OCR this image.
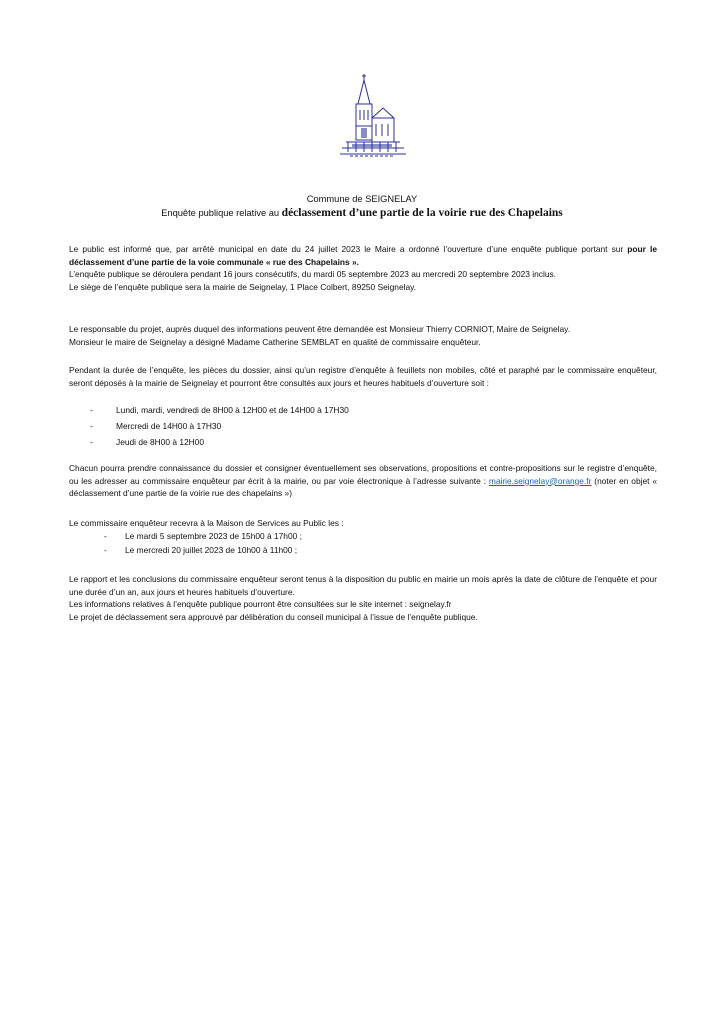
Commune de SEIGNELAY
Enquête publique relative au déclassement d’une partie de la voirie rue des Chapelains

Le public est informé que, par arrêté municipal en date du 24 juillet 2023 le Maire a ordonné l’ouverture d’une enquête publique portant sur pour le déclassement d’une partie de la voie communale « rue des Chapelains ».

L’enquête publique se déroulera pendant 16 jours consécutifs, du mardi 05 septembre 2023 au mercredi 20 septembre 2023 inclus.

Le siège de l’enquête publique sera la mairie de Seignelay, 1 Place Colbert, 89250 Seignelay.

Le responsable du projet, auprès duquel des informations peuvent être demandée est Monsieur Thierry CORNIOT, Maire de Seignelay.

Monsieur le maire de Seignelay a désigné Madame Catherine SEMBLAT en qualité de commissaire enquêteur.

Pendant la durée de l’enquête, les pièces du dossier, ainsi qu’un registre d’enquête à feuillets non mobiles, côté et paraphé par le commissaire enquêteur, seront déposés à la mairie de Seignelay et pourront être consultés aux jours et heures habituels d’ouverture soit :

-	Lundi, mardi, vendredi de 8H00 à 12H00 et de 14H00 à 17H30
-	Mercredi de 14H00 à 17H30
-	Jeudi de 8H00 à 12H00

Chacun pourra prendre connaissance du dossier et consigner éventuellement ses observations, propositions et contre-propositions sur le registre d’enquête, ou les adresser au commissaire enquêteur par écrit à la mairie, ou par voie électronique à l’adresse suivante : mairie.seignelay@orange.fr (noter en objet « déclassement d’une partie de la voirie rue des chapelains »)

Le commissaire enquêteur recevra à la Maison de Services au Public les :

-	Le mardi 5 septembre 2023 de 15h00 à 17h00 ;
-	Le mercredi 20 juillet 2023 de 10h00 à 11h00 ;

Le rapport et les conclusions du commissaire enquêteur seront tenus à la disposition du public en mairie un mois après la date de clôture de l’enquête et pour une durée d’un an, aux jours et heures habituels d’ouverture.

Les informations relatives à l’enquête publique pourront être consultées sur le site internet : seignelay.fr

Le projet de déclassement sera approuvé par délibération du conseil municipal à l’issue de l’enquête publique.
